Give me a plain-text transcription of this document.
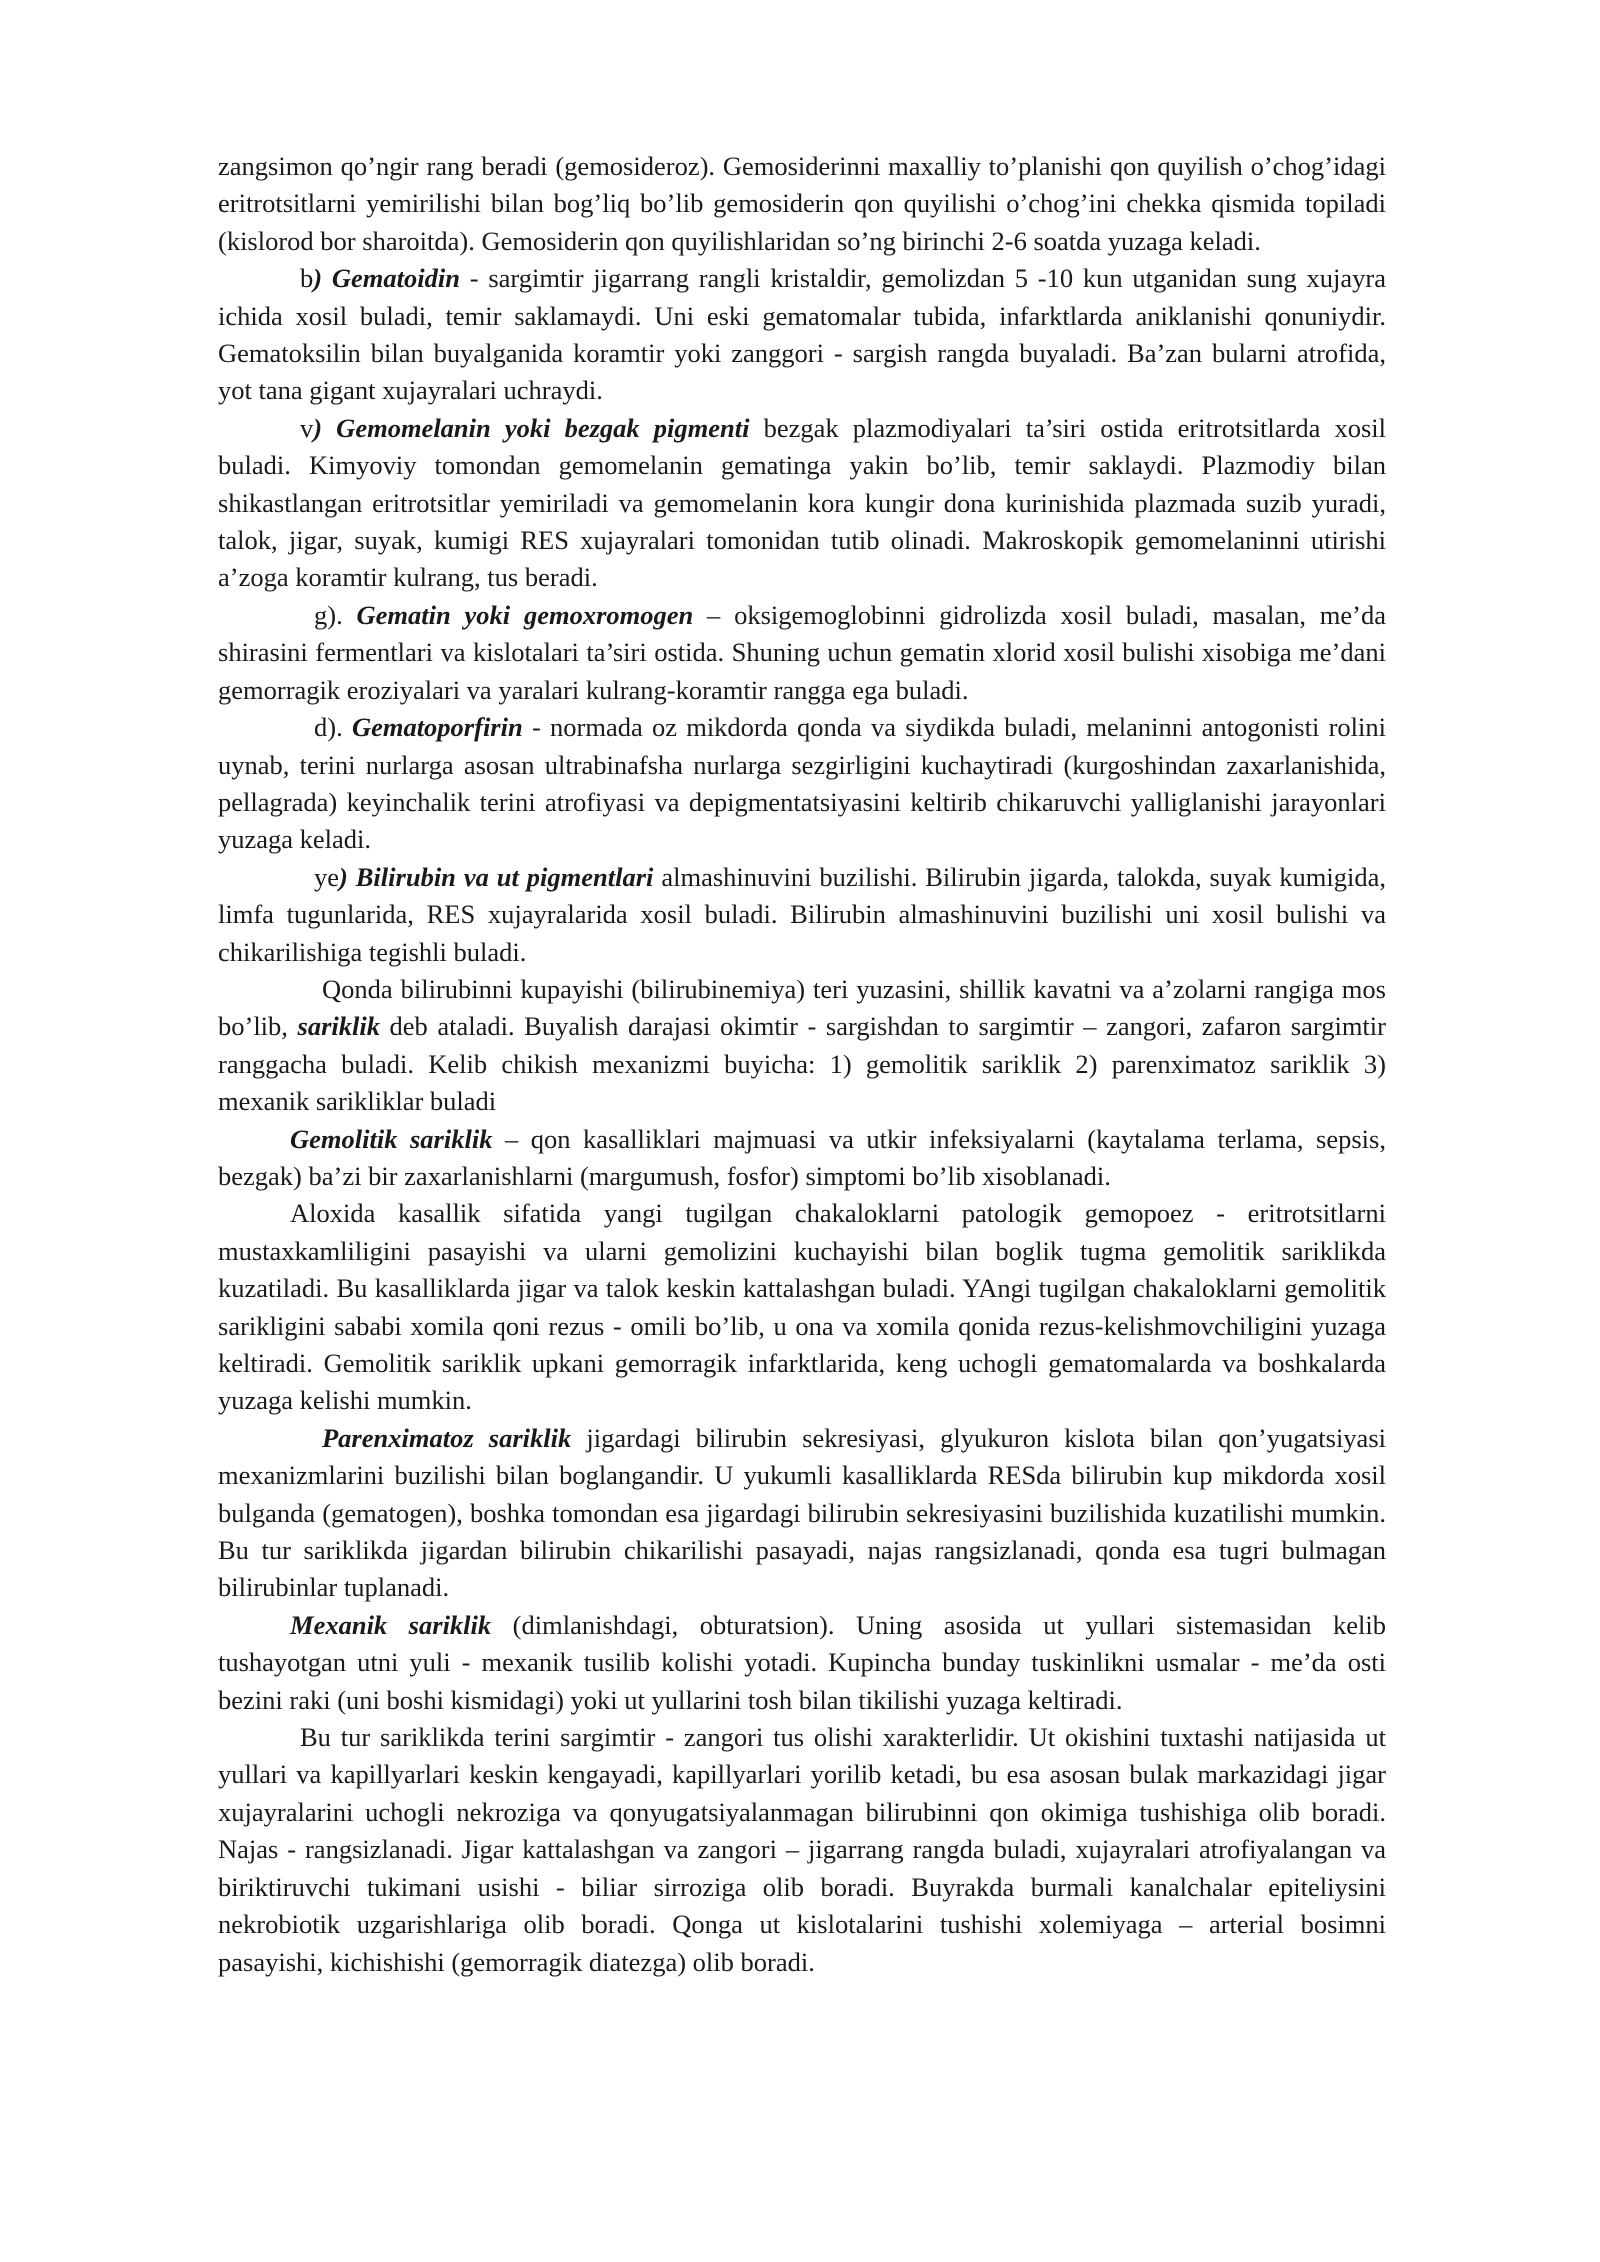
zangsimon qo’ngir rang beradi (gemosideroz). Gemosiderinni maxalliy to’planishi qon quyilish o’chog’idagi eritrotsitlarni yemirilishi bilan bog’liq bo’lib gemosiderin qon quyilishi o’chog’ini chekka qismida topiladi (kislorod bor sharoitda). Gemosiderin qon quyilishlaridan so’ng birinchi 2-6 soatda yuzaga keladi.

b) Gematoidin - sargimtir jigarrang rangli kristaldir, gemolizdan 5 -10 kun utganidan sung xujayra ichida xosil buladi, temir saklamaydi. Uni eski gematomalar tubida, infarktlarda aniklanishi qonuniydir. Gematoksilin bilan buyalganida koramtir yoki zanggori - sargish rangda buyaladi. Ba’zan bularni atrofida, yot tana gigant xujayralari uchraydi.

v) Gemomelanin yoki bezgak pigmenti bezgak plazmodiyalari ta’siri ostida eritrotsitlarda xosil buladi. Kimyoviy tomondan gemomelanin gematinga yakin bo’lib, temir saklaydi. Plazmodiy bilan shikastlangan eritrotsitlar yemiriladi va gemomelanin kora kungir dona kurinishida plazmada suzib yuradi, talok, jigar, suyak, kumigi RES xujayralari tomonidan tutib olinadi. Makroskopik gemomelaninni utirishi a’zoga koramtir kulrang, tus beradi.

g). Gematin yoki gemoxromogen – oksigemoglobinni gidrolizda xosil buladi, masalan, me’da shirasini fermentlari va kislotalari ta’siri ostida. Shuning uchun gematin xlorid xosil bulishi xisobiga me’dani gemorragik eroziyalari va yaralari kulrang-koramtir rangga ega buladi.

d). Gematoporfirin - normada oz mikdorda qonda va siydikda buladi, melaninni antogonisti rolini uynab, terini nurlarga asosan ultrabinafsha nurlarga sezgirligini kuchaytiradi (kurgoshindan zaxarlanishida, pellagrada) keyinchalik terini atrofiyasi va depigmentatsiyasini keltirib chikaruvchi yalliglanishi jarayonlari yuzaga keladi.

ye) Bilirubin va ut pigmentlari almashinuvini buzilishi. Bilirubin jigarda, talokda, suyak kumigida, limfa tugunlarida, RES xujayralarida xosil buladi. Bilirubin almashinuvini buzilishi uni xosil bulishi va chikarilishiga tegishli buladi.

Qonda bilirubinni kupayishi (bilirubinemiya) teri yuzasini, shillik kavatni va a’zolarni rangiga mos bo’lib, sariklik deb ataladi. Buyalish darajasi okimtir - sargishdan to sargimtir – zangori, zafaron sargimtir ranggacha buladi. Kelib chikish mexanizmi buyicha: 1) gemolitik sariklik 2) parenximatoz sariklik 3) mexanik sarikliklar buladi

Gemolitik sariklik – qon kasalliklari majmuasi va utkir infeksiyalarni (kaytalama terlama, sepsis, bezgak) ba’zi bir zaxarlanishlarni (margumush, fosfor) simptomi bo’lib xisoblanadi.

Aloxida kasallik sifatida yangi tugilgan chakaloklarni patologik gemopoez - eritrotsitlarni mustaxkamliligini pasayishi va ularni gemolizini kuchayishi bilan boglik tugma gemolitik sariklikda kuzatiladi. Bu kasalliklarda jigar va talok keskin kattalashgan buladi. YAngi tugilgan chakaloklarni gemolitik sarikligini sababi xomila qoni rezus - omili bo’lib, u ona va xomila qonida rezus-kelishmovchiligini yuzaga keltiradi. Gemolitik sariklik upkani gemorragik infarktlarida, keng uchogli gematomalarda va boshkalarda yuzaga kelishi mumkin.

Parenximatoz sariklik jigardagi bilirubin sekresiyasi, glyukuron kislota bilan qon’yugatsiyasi mexanizmlarini buzilishi bilan boglangandir. U yukumli kasalliklarda RESda bilirubin kup mikdorda xosil bulganda (gematogen), boshka tomondan esa jigardagi bilirubin sekresiyasini buzilishida kuzatilishi mumkin. Bu tur sariklikda jigardan bilirubin chikarilishi pasayadi, najas rangsizlanadi, qonda esa tugri bulmagan bilirubinlar tuplanadi.

Mexanik sariklik (dimlanishdagi, obturatsion). Uning asosida ut yullari sistemasidan kelib tushayotgan utni yuli - mexanik tusilib kolishi yotadi. Kupincha bunday tuskinlikni usmalar - me’da osti bezini raki (uni boshi kismidagi) yoki ut yullarini tosh bilan tikilishi yuzaga keltiradi.

Bu tur sariklikda terini sargimtir - zangori tus olishi xarakterlidir. Ut okishini tuxtashi natijasida ut yullari va kapillyarlari keskin kengayadi, kapillyarlari yorilib ketadi, bu esa asosan bulak markazidagi jigar xujayralarini uchogli nekroziga va qonyugatsiyalanmagan bilirubinni qon okimiga tushishiga olib boradi. Najas - rangsizlanadi. Jigar kattalashgan va zangori – jigarrang rangda buladi, xujayralari atrofiyalangan va biriktiruvchi tukimani usishi - biliar sirroziga olib boradi. Buyrakda burmali kanalchalar epiteliysini nekrobiotik uzgarishlariga olib boradi. Qonga ut kislotalarini tushishi xolemiyaga – arterial bosimni pasayishi, kichishishi (gemorragik diatezga) olib boradi.
